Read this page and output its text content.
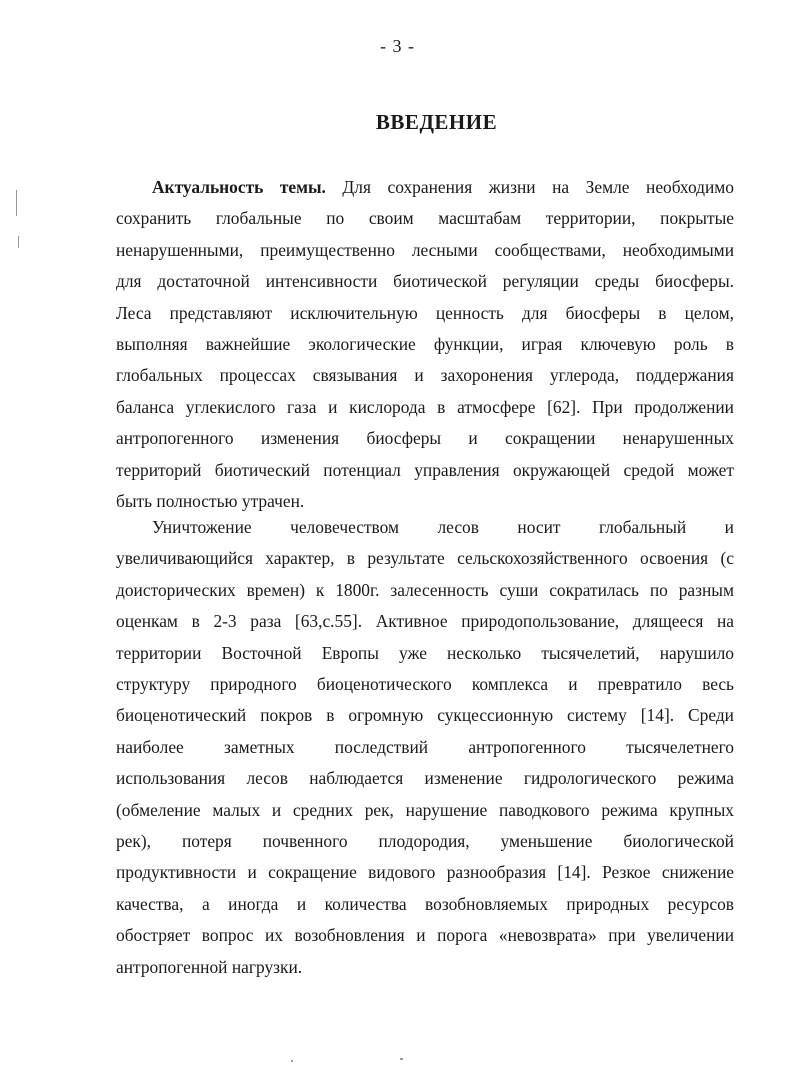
- 3 -
ВВЕДЕНИЕ
Актуальность темы. Для сохранения жизни на Земле необходимо
сохранить глобальные по своим масштабам территории, покрытые
ненарушенными, преимущественно лесными сообществами, необходимыми
для достаточной интенсивности биотической регуляции среды биосферы.
Леса представляют исключительную ценность для биосферы в целом,
выполняя важнейшие экологические функции, играя ключевую роль в
глобальных процессах связывания и захоронения углерода, поддержания
баланса углекислого газа и кислорода в атмосфере [62]. При продолжении
антропогенного изменения биосферы и сокращении ненарушенных
территорий биотический потенциал управления окружающей средой может
быть полностью утрачен.
Уничтожение человечеством лесов носит глобальный и
увеличивающийся характер, в результате сельскохозяйственного освоения (с
доисторических времен) к 1800г. залесенность суши сократилась по разным
оценкам в 2-3 раза [63,с.55]. Активное природопользование, длящееся на
территории Восточной Европы уже несколько тысячелетий, нарушило
структуру природного биоценотического комплекса и превратило весь
биоценотический покров в огромную сукцессионную систему [14]. Среди
наиболее заметных последствий антропогенного тысячелетнего
использования лесов наблюдается изменение гидрологического режима
(обмеление малых и средних рек, нарушение паводкового режима крупных
рек), потеря почвенного плодородия, уменьшение биологической
продуктивности и сокращение видового разнообразия [14]. Резкое снижение
качества, а иногда и количества возобновляемых природных ресурсов
обостряет вопрос их возобновления и порога «невозврата» при увеличении
антропогенной нагрузки.
